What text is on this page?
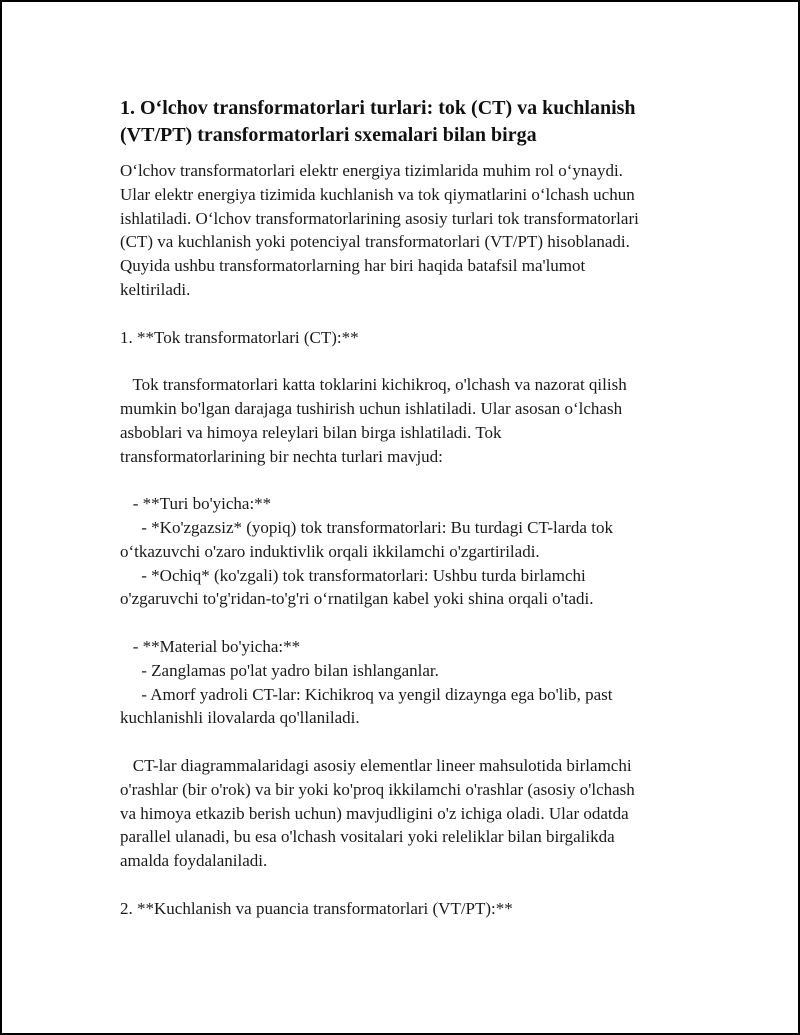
1. O‘lchov transformatorlari turlari: tok (CT) va kuchlanish
(VT/PT) transformatorlari sxemalari bilan birga
O‘lchov transformatorlari elektr energiya tizimlarida muhim rol o‘ynaydi.
Ular elektr energiya tizimida kuchlanish va tok qiymatlarini o‘lchash uchun
ishlatiladi. O‘lchov transformatorlarining asosiy turlari tok transformatorlari
(CT) va kuchlanish yoki potenciyal transformatorlari (VT/PT) hisoblanadi.
Quyida ushbu transformatorlarning har biri haqida batafsil ma'lumot
keltiriladi.
1. **Tok transformatorlari (CT):**
Tok transformatorlari katta toklarini kichikroq, o'lchash va nazorat qilish
mumkin bo'lgan darajaga tushirish uchun ishlatiladi. Ular asosan o‘lchash
asboblari va himoya releylari bilan birga ishlatiladi. Tok
transformatorlarining bir nechta turlari mavjud:
- **Turi bo'yicha:**
- *Ko'zgazsiz* (yopiq) tok transformatorlari: Bu turdagi CT-larda tok
o‘tkazuvchi o'zaro induktivlik orqali ikkilamchi o'zgartiriladi.
- *Ochiq* (ko'zgali) tok transformatorlari: Ushbu turda birlamchi
o'zgaruvchi to'g'ridan-to'g'ri o‘rnatilgan kabel yoki shina orqali o'tadi.
- **Material bo'yicha:**
- Zanglamas po'lat yadro bilan ishlanganlar.
- Amorf yadroli CT-lar: Kichikroq va yengil dizaynga ega bo'lib, past
kuchlanishli ilovalarda qo'llaniladi.
CT-lar diagrammalaridagi asosiy elementlar lineer mahsulotida birlamchi
o'rashlar (bir o'rok) va bir yoki ko'proq ikkilamchi o'rashlar (asosiy o'lchash
va himoya etkazib berish uchun) mavjudligini o'z ichiga oladi. Ular odatda
parallel ulanadi, bu esa o'lchash vositalari yoki releliklar bilan birgalikda
amalda foydalaniladi.
2. **Kuchlanish va puancia transformatorlari (VT/PT):**
